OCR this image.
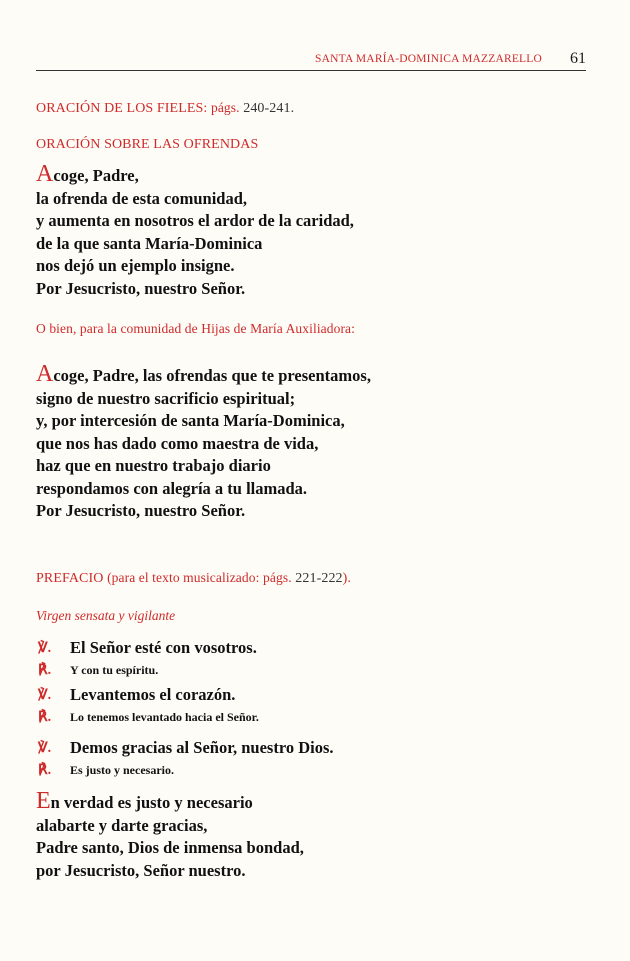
SANTA MARÍA-DOMINICA MAZZARELLO 61
ORACIÓN DE LOS FIELES: págs. 240-241.
ORACIÓN SOBRE LAS OFRENDAS
Acoge, Padre,
la ofrenda de esta comunidad,
y aumenta en nosotros el ardor de la caridad,
de la que santa María-Dominica
nos dejó un ejemplo insigne.
Por Jesucristo, nuestro Señor.
O bien, para la comunidad de Hijas de María Auxiliadora:
Acoge, Padre, las ofrendas que te presentamos,
signo de nuestro sacrificio espiritual;
y, por intercesión de santa María-Dominica,
que nos has dado como maestra de vida,
haz que en nuestro trabajo diario
respondamos con alegría a tu llamada.
Por Jesucristo, nuestro Señor.
PREFACIO (para el texto musicalizado: págs. 221-222).
Virgen sensata y vigilante
℣. El Señor esté con vosotros.
℟. Y con tu espíritu.
℣. Levantemos el corazón.
℟. Lo tenemos levantado hacia el Señor.
℣. Demos gracias al Señor, nuestro Dios.
℟. Es justo y necesario.
En verdad es justo y necesario
alabarte y darte gracias,
Padre santo, Dios de inmensa bondad,
por Jesucristo, Señor nuestro.
